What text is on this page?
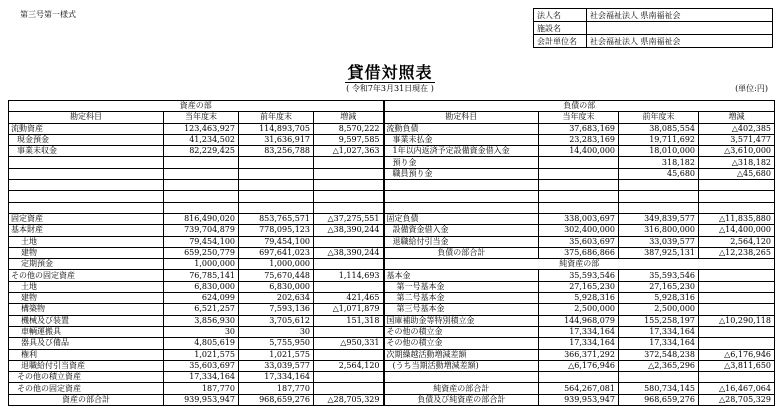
第三号第一様式	法人名	社会福祉法人 県南福祉会
施設名	
会計単位名	社会福祉法人 県南福祉会
貸借対照表
( 令和7年3月31日現在 )	(単位:円)
資産の部				負債の部			
勘定科目	当年度末	前年度末	増減	勘定科目	当年度末	前年度末	増減
流動資産	123,463,927	114,893,705	8,570,222	流動負債	37,683,169	38,085,554	△402,385
現金預金	41,234,502	31,636,917	9,597,585	事業未払金	23,283,169	19,711,692	3,571,477
事業未収金	82,229,425	83,256,788	△1,027,363	1年以内返済予定設備資金借入金	14,400,000	18,010,000	△3,610,000
				預り金		318,182	△318,182
				職員預り金		45,680	△45,680

固定資産	816,490,020	853,765,571	△37,275,551	固定負債	338,003,697	349,839,577	△11,835,880
基本財産	739,704,879	778,095,123	△38,390,244	設備資金借入金	302,400,000	316,800,000	△14,400,000
土地	79,454,100	79,454,100		退職給付引当金	35,603,697	33,039,577	2,564,120
建物	659,250,779	697,641,023	△38,390,244	負債の部合計	375,686,866	387,925,131	△12,238,265
定期預金	1,000,000	1,000,000		純資産の部			
その他の固定資産	76,785,141	75,670,448	1,114,693	基本金	35,593,546	35,593,546	
土地	6,830,000	6,830,000		第一号基本金	27,165,230	27,165,230	
建物	624,099	202,634	421,465	第二号基本金	5,928,316	5,928,316	
構築物	6,521,257	7,593,136	△1,071,879	第三号基本金	2,500,000	2,500,000	
機械及び装置	3,856,930	3,705,612	151,318	国庫補助金等特別積立金	144,968,079	155,258,197	△10,290,118
車輌運搬具	30	30		その他の積立金	17,334,164	17,334,164	
器具及び備品	4,805,619	5,755,950	△950,331	その他の積立金	17,334,164	17,334,164	
権利	1,021,575	1,021,575		次期繰越活動増減差額	366,371,292	372,548,238	△6,176,946
退職給付引当資産	35,603,697	33,039,577	2,564,120	(うち当期活動増減差額)	△6,176,946	△2,365,296	△3,811,650
その他の積立資産	17,334,164	17,334,164					
その他の固定資産	187,770	187,770		純資産の部合計	564,267,081	580,734,145	△16,467,064
資産の部合計	939,953,947	968,659,276	△28,705,329	負債及び純資産の部合計	939,953,947	968,659,276	△28,705,329
